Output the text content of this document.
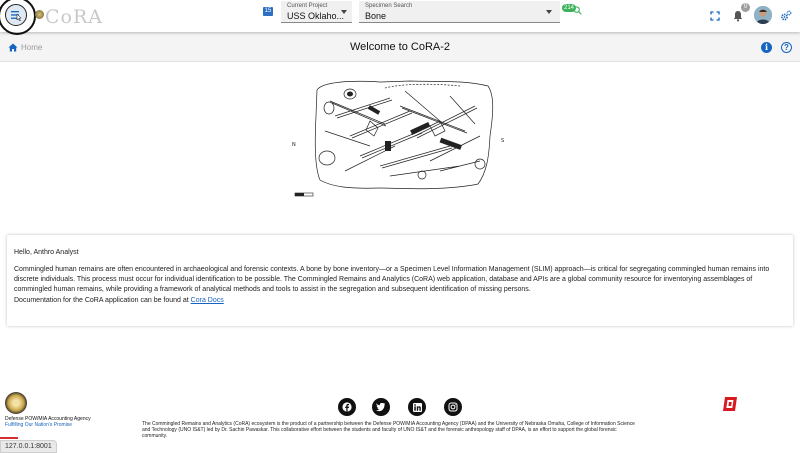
CoRA	15
Current Project
USS Oklaho...
Specimen Search
Bone
214	0
Home	Welcome to CoRA-2	i	?
N
S

Hello, Anthro Analyst

Commingled human remains are often encountered in archaeological and forensic contexts. A bone by bone inventory—or a Specimen Level Information Management (SLIM) approach—is critical for segregating commingled human remains into discrete individuals. This process must occur for individual identification to be possible. The Commingled Remains and Analytics (CoRA) web application, database and APIs are a global community resource for inventorying assemblages of commingled human remains, while providing a framework of analytical methods and tools to assist in the segregation and subsequent identification of missing persons.

Documentation for the CoRA application can be found at Cora Docs

Defense POW/MIA Accounting Agency
Fulfilling Our Nation's Promise	The Commingled Remains and Analytics (CoRA) ecosystem is the product of a partnership between the Defense POW/MIA Accounting Agency (DPAA) and the University of Nebraska Omaha, College of Information Science and Technology (UNO IS&T) led by Dr. Sachin Pawaskar. This collaborative effort between the students and faculty of UNO IS&T and the forensic anthropology staff of DPAA, is an effort to support the global forensic community.
127.0.0.1:8001
